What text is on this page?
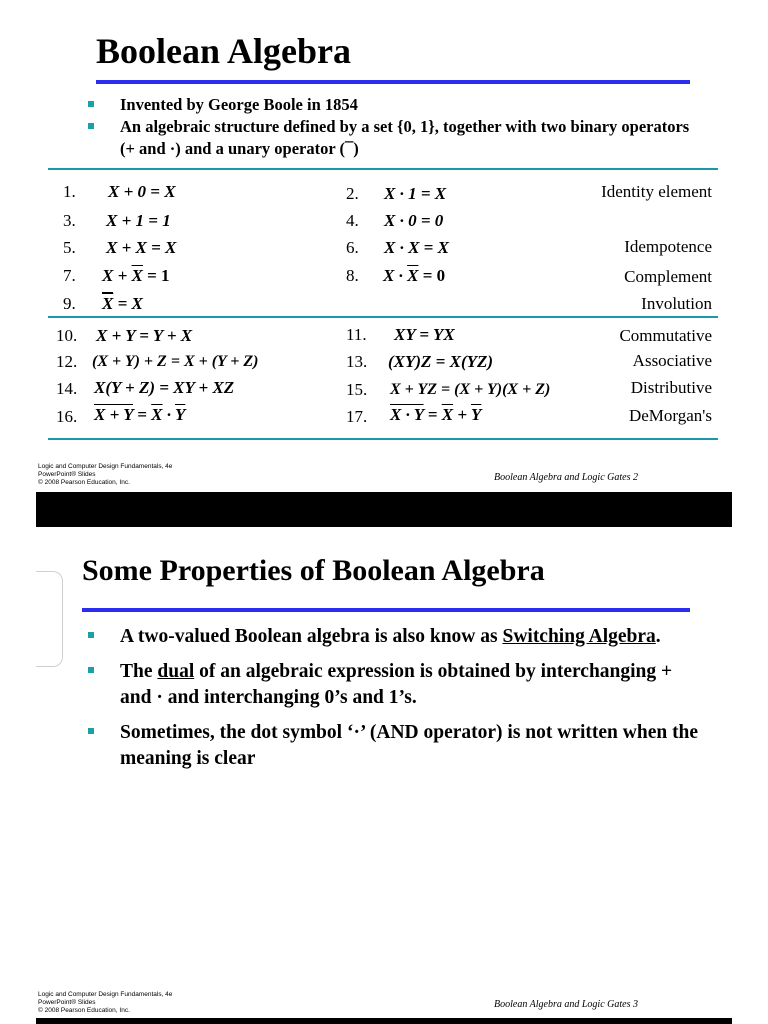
Boolean Algebra
Invented by George Boole in 1854
An algebraic structure defined by a set {0, 1}, together with two binary operators (+ and ·) and a unary operator (¯)
1. X + 0 = X	2. X · 1 = X	Identity element
3. X + 1 = 1	4. X · 0 = 0
5. X + X = X	6. X · X = X	Idempotence
7. $X + \overline{X} = 1$	8. $X \cdot \overline{X} = 0$	Complement
9. $\overline{X} = X$	Involution
10. X + Y = Y + X	11. XY = YX	Commutative
12. (X + Y) + Z = X + (Y + Z)	13. (XY)Z = X(YZ)	Associative
14. X(Y + Z) = XY + XZ	15. X + YZ = (X + Y)(X + Z)	Distributive
16. $X + Y = \overline{X} \cdot \overline{Y}$	17. $X \cdot Y = \overline{X} + \overline{Y}$	DeMorgan's
Logic and Computer Design Fundamentals, 4e
PowerPoint® Slides
© 2008 Pearson Education, Inc.	Boolean Algebra and Logic Gates 2
Some Properties of Boolean Algebra
A two-valued Boolean algebra is also know as Switching Algebra.
The dual of an algebraic expression is obtained by interchanging + and · and interchanging 0’s and 1’s.
Sometimes, the dot symbol ‘·’ (AND operator) is not written when the meaning is clear
Logic and Computer Design Fundamentals, 4e
PowerPoint® Slides
© 2008 Pearson Education, Inc.
Boolean Algebra and Logic Gates 3
